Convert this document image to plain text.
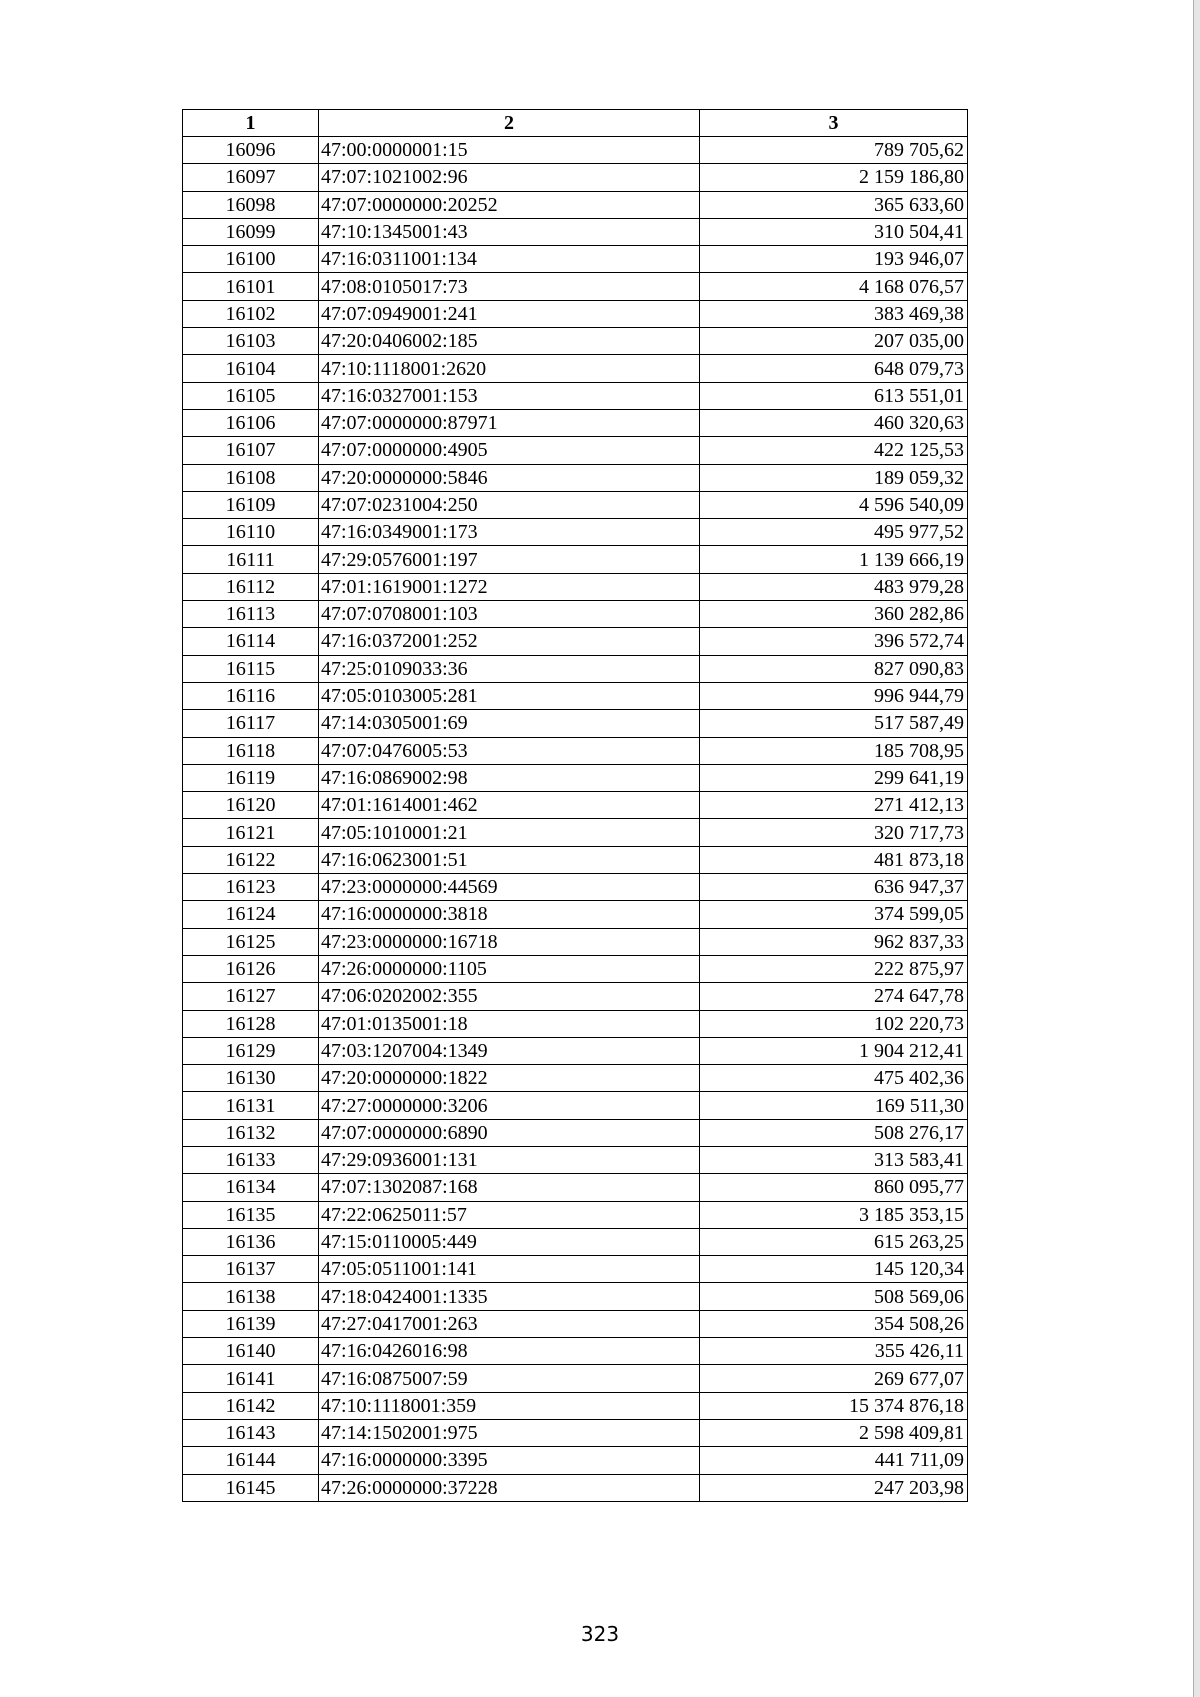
1	2	3
16096	47:00:0000001:15	789 705,62
16097	47:07:1021002:96	2 159 186,80
16098	47:07:0000000:20252	365 633,60
16099	47:10:1345001:43	310 504,41
16100	47:16:0311001:134	193 946,07
16101	47:08:0105017:73	4 168 076,57
16102	47:07:0949001:241	383 469,38
16103	47:20:0406002:185	207 035,00
16104	47:10:1118001:2620	648 079,73
16105	47:16:0327001:153	613 551,01
16106	47:07:0000000:87971	460 320,63
16107	47:07:0000000:4905	422 125,53
16108	47:20:0000000:5846	189 059,32
16109	47:07:0231004:250	4 596 540,09
16110	47:16:0349001:173	495 977,52
16111	47:29:0576001:197	1 139 666,19
16112	47:01:1619001:1272	483 979,28
16113	47:07:0708001:103	360 282,86
16114	47:16:0372001:252	396 572,74
16115	47:25:0109033:36	827 090,83
16116	47:05:0103005:281	996 944,79
16117	47:14:0305001:69	517 587,49
16118	47:07:0476005:53	185 708,95
16119	47:16:0869002:98	299 641,19
16120	47:01:1614001:462	271 412,13
16121	47:05:1010001:21	320 717,73
16122	47:16:0623001:51	481 873,18
16123	47:23:0000000:44569	636 947,37
16124	47:16:0000000:3818	374 599,05
16125	47:23:0000000:16718	962 837,33
16126	47:26:0000000:1105	222 875,97
16127	47:06:0202002:355	274 647,78
16128	47:01:0135001:18	102 220,73
16129	47:03:1207004:1349	1 904 212,41
16130	47:20:0000000:1822	475 402,36
16131	47:27:0000000:3206	169 511,30
16132	47:07:0000000:6890	508 276,17
16133	47:29:0936001:131	313 583,41
16134	47:07:1302087:168	860 095,77
16135	47:22:0625011:57	3 185 353,15
16136	47:15:0110005:449	615 263,25
16137	47:05:0511001:141	145 120,34
16138	47:18:0424001:1335	508 569,06
16139	47:27:0417001:263	354 508,26
16140	47:16:0426016:98	355 426,11
16141	47:16:0875007:59	269 677,07
16142	47:10:1118001:359	15 374 876,18
16143	47:14:1502001:975	2 598 409,81
16144	47:16:0000000:3395	441 711,09
16145	47:26:0000000:37228	247 203,98
323
